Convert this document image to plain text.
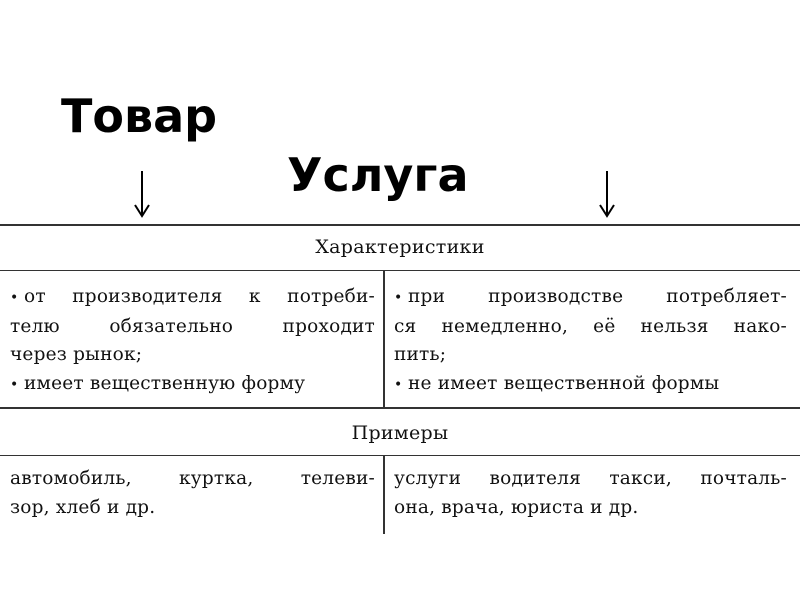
Товар
Услуга
Характеристики
• от производителя к потреби-
телю обязательно проходит
через рынок;
• имеет вещественную форму
• при производстве потребляет-
ся немедленно, её нельзя нако-
пить;
• не имеет вещественной формы
Примеры
автомобиль, куртка, телеви-
зор, хлеб и др.
услуги водителя такси, почталь-
она, врача, юриста и др.
